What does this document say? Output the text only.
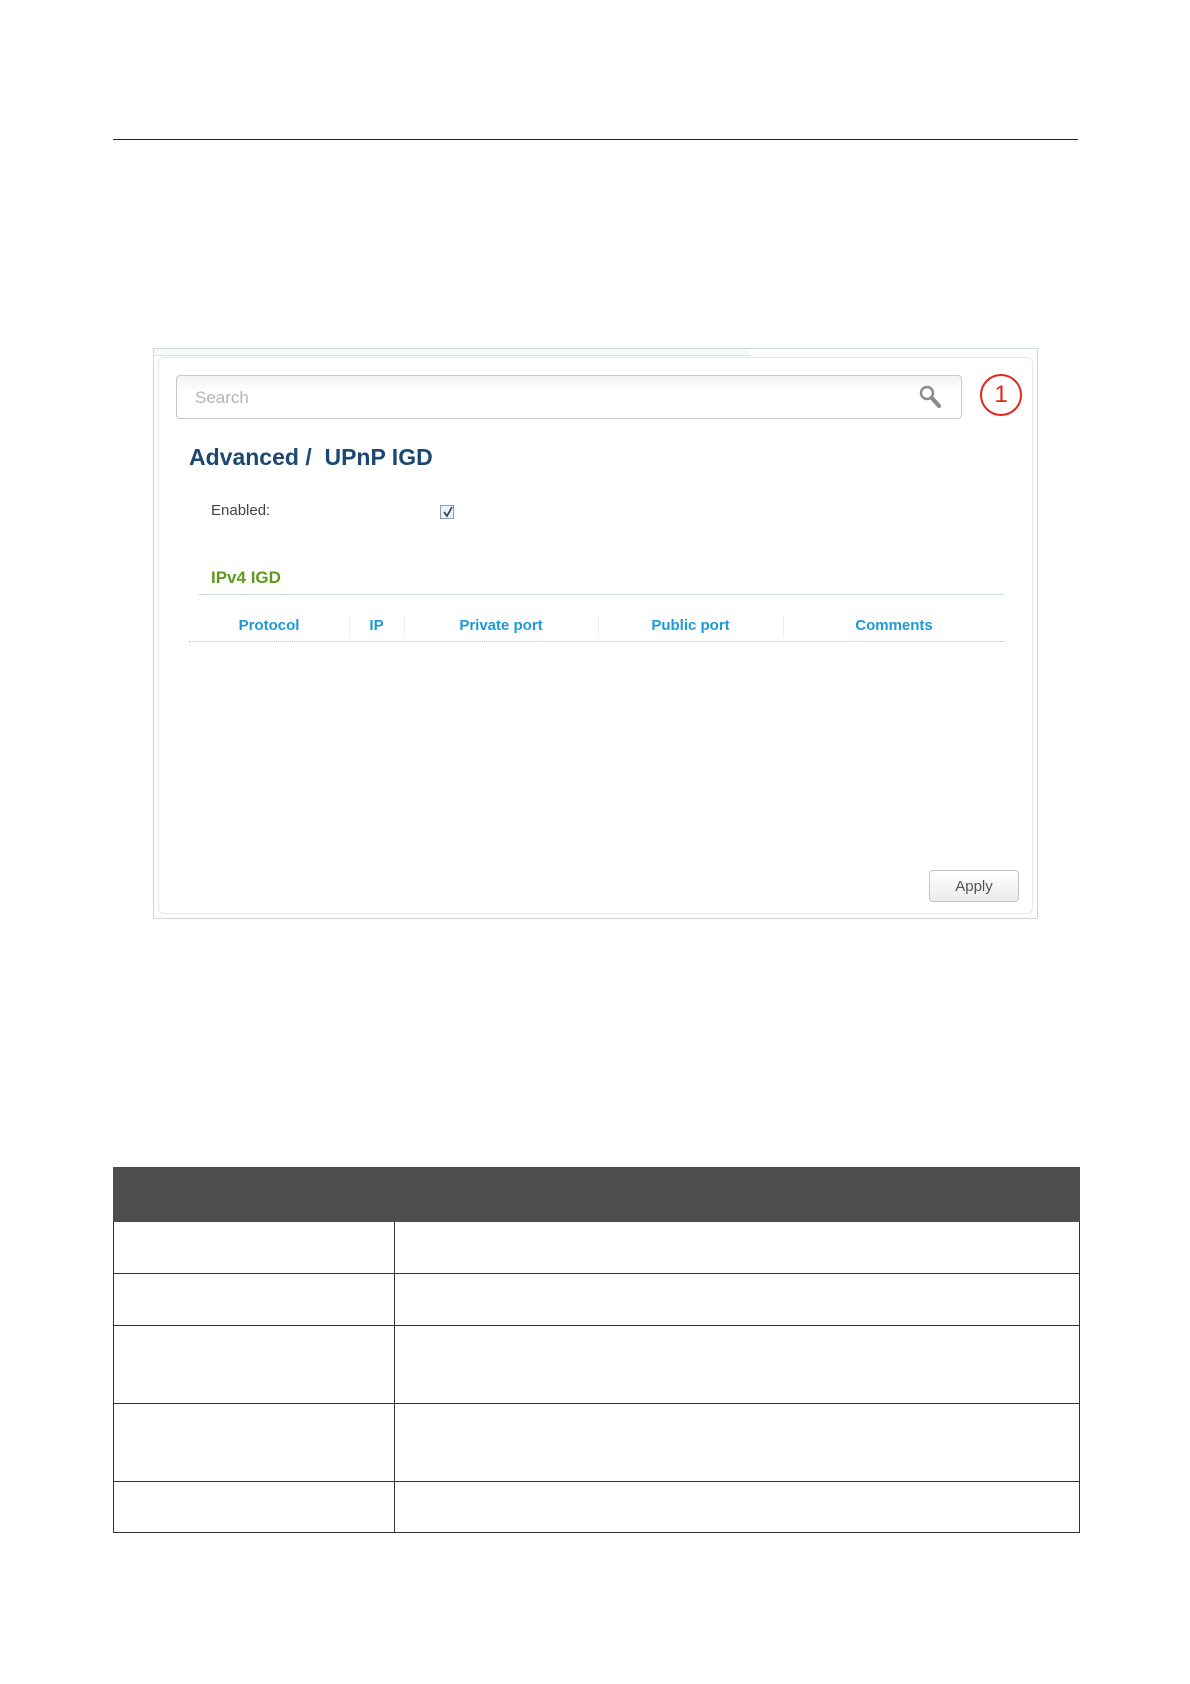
Search	1
Advanced /  UPnP IGD
Enabled:
IPv4 IGD
Protocol	IP	Private port	Public port	Comments
Apply
